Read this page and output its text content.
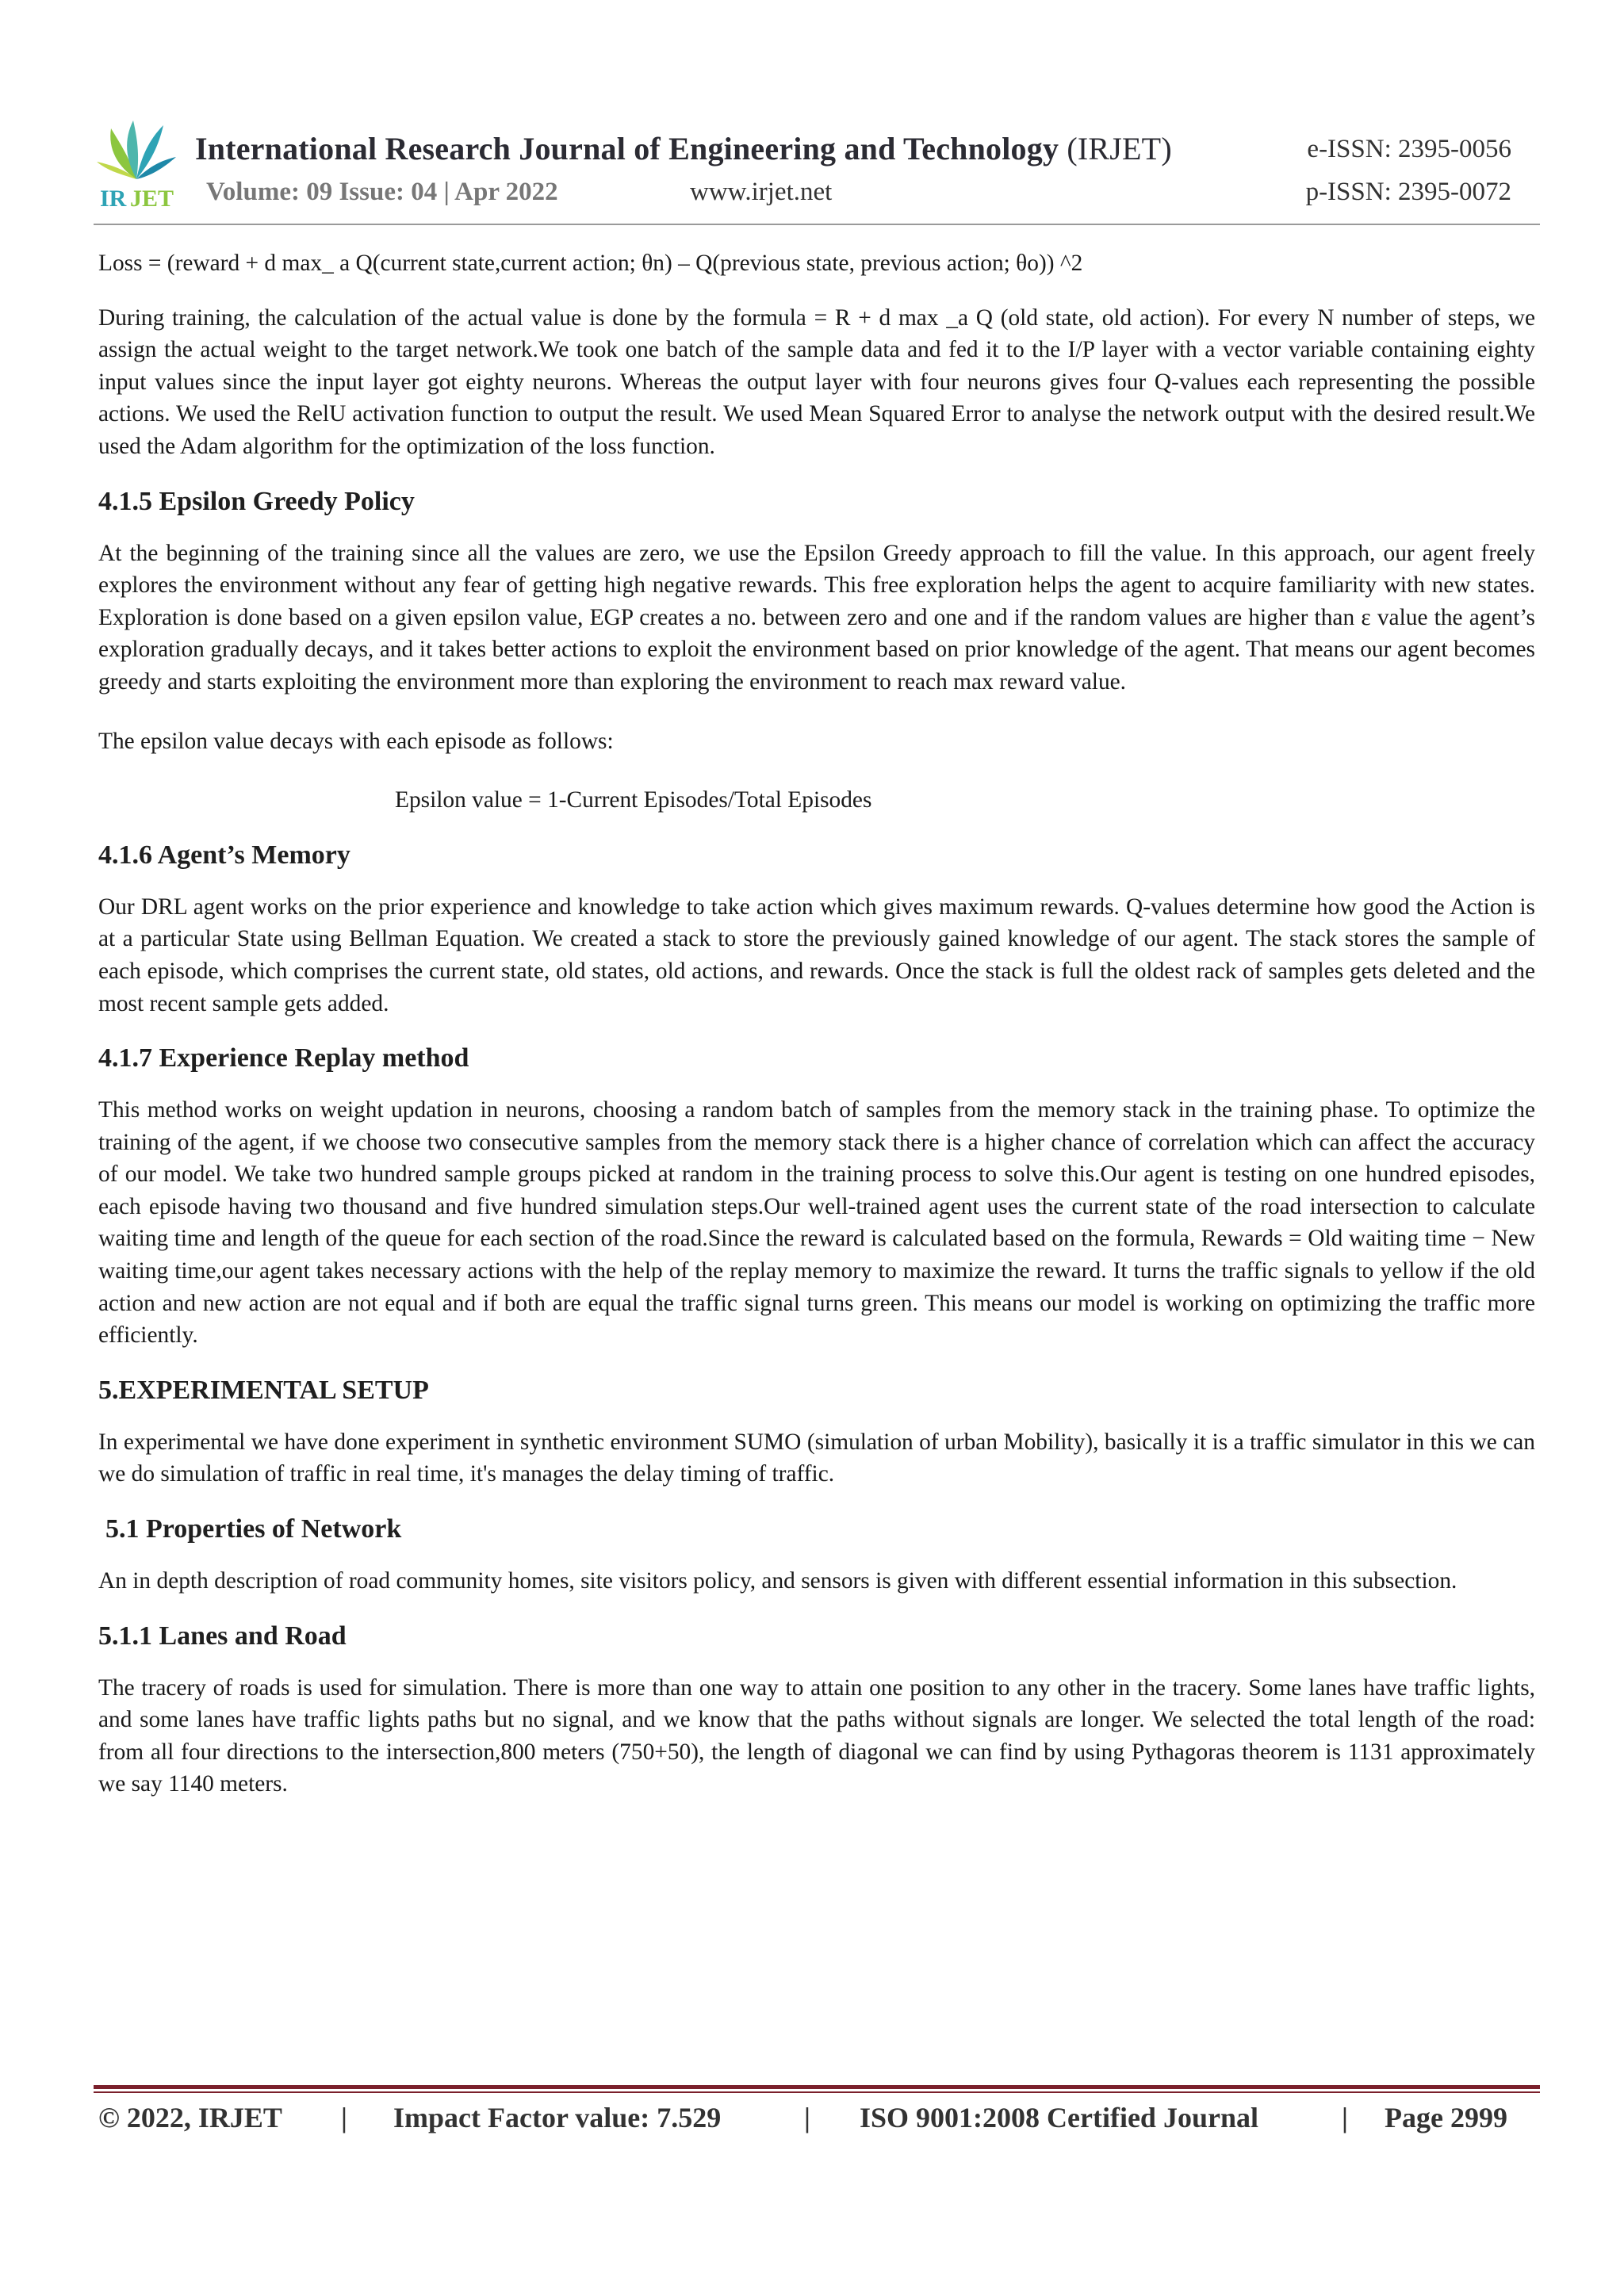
IR JET
International Research Journal of Engineering and Technology (IRJET)
Volume: 09 Issue: 04 | Apr 2022	www.irjet.net
e-ISSN: 2395-0056
p-ISSN: 2395-0072

Loss = (reward + d max_ a Q(current state,current action; θn) – Q(previous state, previous action; θo)) ^2

During training, the calculation of the actual value is done by the formula = R + d max _a Q (old state, old action). For every N number of steps, we assign the actual weight to the target network.We took one batch of the sample data and fed it to the I/P layer with a vector variable containing eighty input values since the input layer got eighty neurons. Whereas the output layer with four neurons gives four Q-values each representing the possible actions. We used the RelU activation function to output the result. We used Mean Squared Error to analyse the network output with the desired result.We used the Adam algorithm for the optimization of the loss function.

4.1.5 Epsilon Greedy Policy

At the beginning of the training since all the values are zero, we use the Epsilon Greedy approach to fill the value. In this approach, our agent freely explores the environment without any fear of getting high negative rewards. This free exploration helps the agent to acquire familiarity with new states. Exploration is done based on a given epsilon value, EGP creates a no. between zero and one and if the random values are higher than ε value the agent’s exploration gradually decays, and it takes better actions to exploit the environment based on prior knowledge of the agent. That means our agent becomes greedy and starts exploiting the environment more than exploring the environment to reach max reward value.

The epsilon value decays with each episode as follows:

Epsilon value = 1-Current Episodes/Total Episodes

4.1.6 Agent’s Memory

Our DRL agent works on the prior experience and knowledge to take action which gives maximum rewards. Q-values determine how good the Action is at a particular State using Bellman Equation. We created a stack to store the previously gained knowledge of our agent. The stack stores the sample of each episode, which comprises the current state, old states, old actions, and rewards. Once the stack is full the oldest rack of samples gets deleted and the most recent sample gets added.

4.1.7 Experience Replay method

This method works on weight updation in neurons, choosing a random batch of samples from the memory stack in the training phase. To optimize the training of the agent, if we choose two consecutive samples from the memory stack there is a higher chance of correlation which can affect the accuracy of our model. We take two hundred sample groups picked at random in the training process to solve this.Our agent is testing on one hundred episodes, each episode having two thousand and five hundred simulation steps.Our well-trained agent uses the current state of the road intersection to calculate waiting time and length of the queue for each section of the road.Since the reward is calculated based on the formula, Rewards = Old waiting time − New waiting time,our agent takes necessary actions with the help of the replay memory to maximize the reward. It turns the traffic signals to yellow if the old action and new action are not equal and if both are equal the traffic signal turns green. This means our model is working on optimizing the traffic more efficiently.

5.EXPERIMENTAL SETUP

In experimental we have done experiment in synthetic environment SUMO (simulation of urban Mobility), basically it is a traffic simulator in this we can we do simulation of traffic in real time, it's manages the delay timing of traffic.

5.1 Properties of Network

An in depth description of road community homes, site visitors policy, and sensors is given with different essential information in this subsection.

5.1.1 Lanes and Road

The tracery of roads is used for simulation. There is more than one way to attain one position to any other in the tracery. Some lanes have traffic lights, and some lanes have traffic lights paths but no signal, and we know that the paths without signals are longer. We selected the total length of the road: from all four directions to the intersection,800 meters (750+50), the length of diagonal we can find by using Pythagoras theorem is 1131 approximately we say 1140 meters.

© 2022, IRJET | Impact Factor value: 7.529	| ISO 9001:2008 Certified Journal	| Page 2999
